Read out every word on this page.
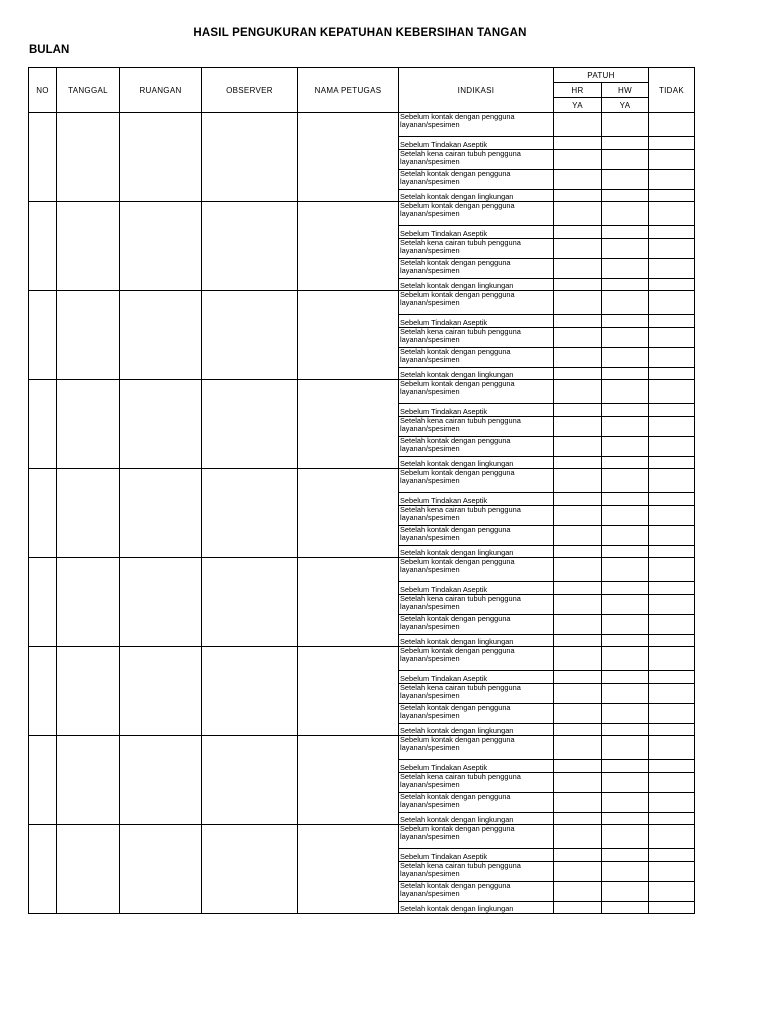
HASIL PENGUKURAN KEPATUHAN KEBERSIHAN TANGAN
BULAN
NO	TANGGAL	RUANGAN	OBSERVER	NAMA PETUGAS	INDIKASI	PATUH		TIDAK
						HR	HW	
						YA	YA	
					Sebelum kontak dengan pengguna layanan/spesimen			
					Sebelum Tindakan Aseptik			
					Setelah kena cairan tubuh pengguna layanan/spesimen			
					Setelah kontak dengan pengguna layanan/spesimen			
					Setelah kontak dengan lingkungan			
					Sebelum kontak dengan pengguna layanan/spesimen			
					Sebelum Tindakan Aseptik			
					Setelah kena cairan tubuh pengguna layanan/spesimen			
					Setelah kontak dengan pengguna layanan/spesimen			
					Setelah kontak dengan lingkungan			
					Sebelum kontak dengan pengguna layanan/spesimen			
					Sebelum Tindakan Aseptik			
					Setelah kena cairan tubuh pengguna layanan/spesimen			
					Setelah kontak dengan pengguna layanan/spesimen			
					Setelah kontak dengan lingkungan			
					Sebelum kontak dengan pengguna layanan/spesimen			
					Sebelum Tindakan Aseptik			
					Setelah kena cairan tubuh pengguna layanan/spesimen			
					Setelah kontak dengan pengguna layanan/spesimen			
					Setelah kontak dengan lingkungan			
					Sebelum kontak dengan pengguna layanan/spesimen			
					Sebelum Tindakan Aseptik			
					Setelah kena cairan tubuh pengguna layanan/spesimen			
					Setelah kontak dengan pengguna layanan/spesimen			
					Setelah kontak dengan lingkungan			
					Sebelum kontak dengan pengguna layanan/spesimen			
					Sebelum Tindakan Aseptik			
					Setelah kena cairan tubuh pengguna layanan/spesimen			
					Setelah kontak dengan pengguna layanan/spesimen			
					Setelah kontak dengan lingkungan			
					Sebelum kontak dengan pengguna layanan/spesimen			
					Sebelum Tindakan Aseptik			
					Setelah kena cairan tubuh pengguna layanan/spesimen			
					Setelah kontak dengan pengguna layanan/spesimen			
					Setelah kontak dengan lingkungan			
					Sebelum kontak dengan pengguna layanan/spesimen			
					Sebelum Tindakan Aseptik			
					Setelah kena cairan tubuh pengguna layanan/spesimen			
					Setelah kontak dengan pengguna layanan/spesimen			
					Setelah kontak dengan lingkungan			
					Sebelum kontak dengan pengguna layanan/spesimen			
					Sebelum Tindakan Aseptik			
					Setelah kena cairan tubuh pengguna layanan/spesimen			
					Setelah kontak dengan pengguna layanan/spesimen			
					Setelah kontak dengan lingkungan			
